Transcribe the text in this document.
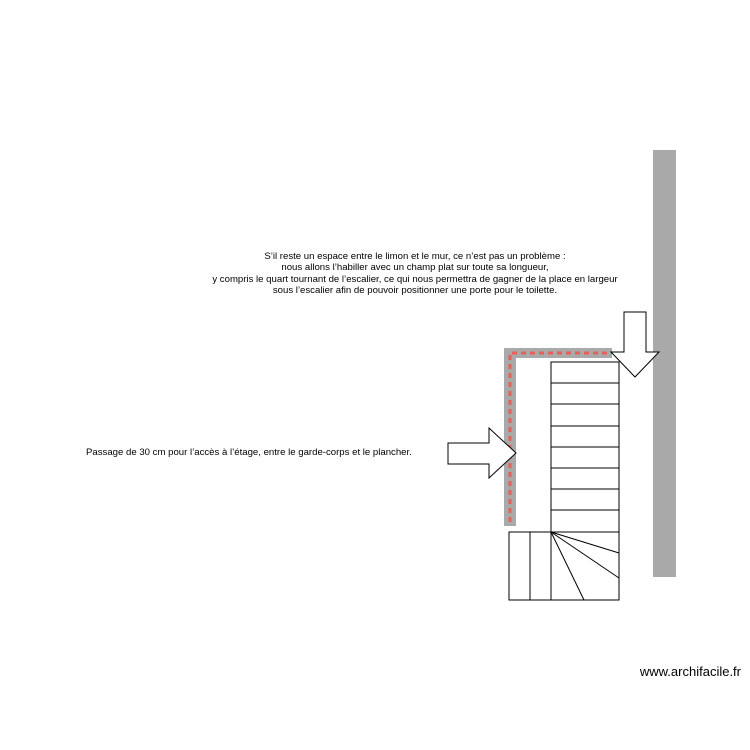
S’il reste un espace entre le limon et le mur, ce n’est pas un problème :
nous allons l’habiller avec un champ plat sur toute sa longueur,
y compris le quart tournant de l’escalier, ce qui nous permettra de gagner de la place en largeur
sous l’escalier afin de pouvoir positionner une porte pour le toilette.
Passage de 30 cm pour l’accès à l’étage, entre le garde-corps et le plancher.
www.archifacile.fr
